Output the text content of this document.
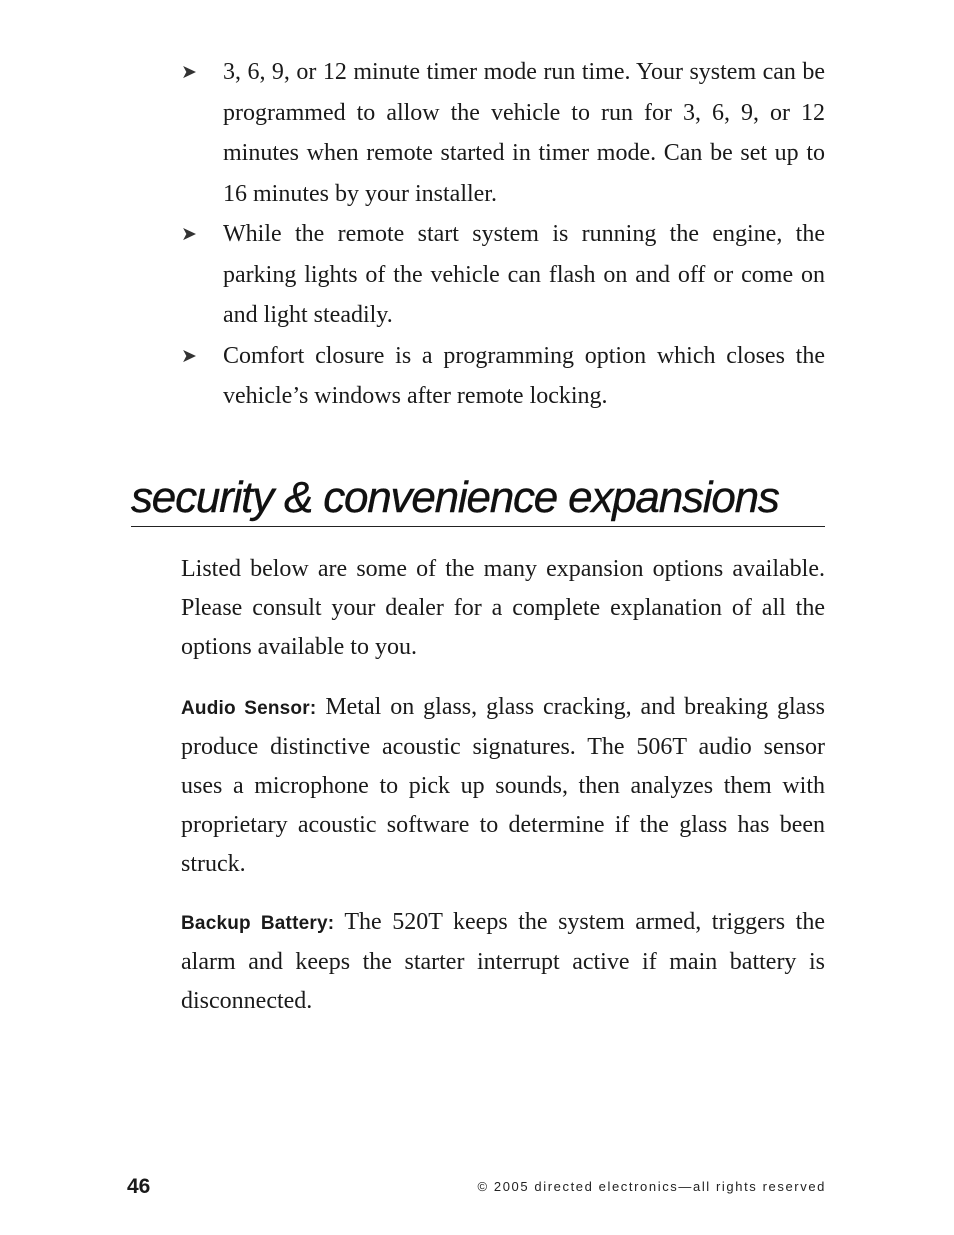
➤ 3, 6, 9, or 12 minute timer mode run time. Your system can be programmed to allow the vehicle to run for 3, 6, 9, or 12 minutes when remote started in timer mode. Can be set up to 16 minutes by your installer.
➤ While the remote start system is running the engine, the parking lights of the vehicle can flash on and off or come on and light steadily.
➤ Comfort closure is a programming option which closes the vehicle’s windows after remote locking.
security & convenience expansions

Listed below are some of the many expansion options available. Please consult your dealer for a complete explanation of all the options available to you.

Audio Sensor: Metal on glass, glass cracking, and breaking glass produce distinctive acoustic signatures. The 506T audio sensor uses a microphone to pick up sounds, then analyzes them with proprietary acoustic software to determine if the glass has been struck.

Backup Battery: The 520T keeps the system armed, triggers the alarm and keeps the starter interrupt active if main battery is disconnected.

46	© 2005 directed electronics—all rights reserved
